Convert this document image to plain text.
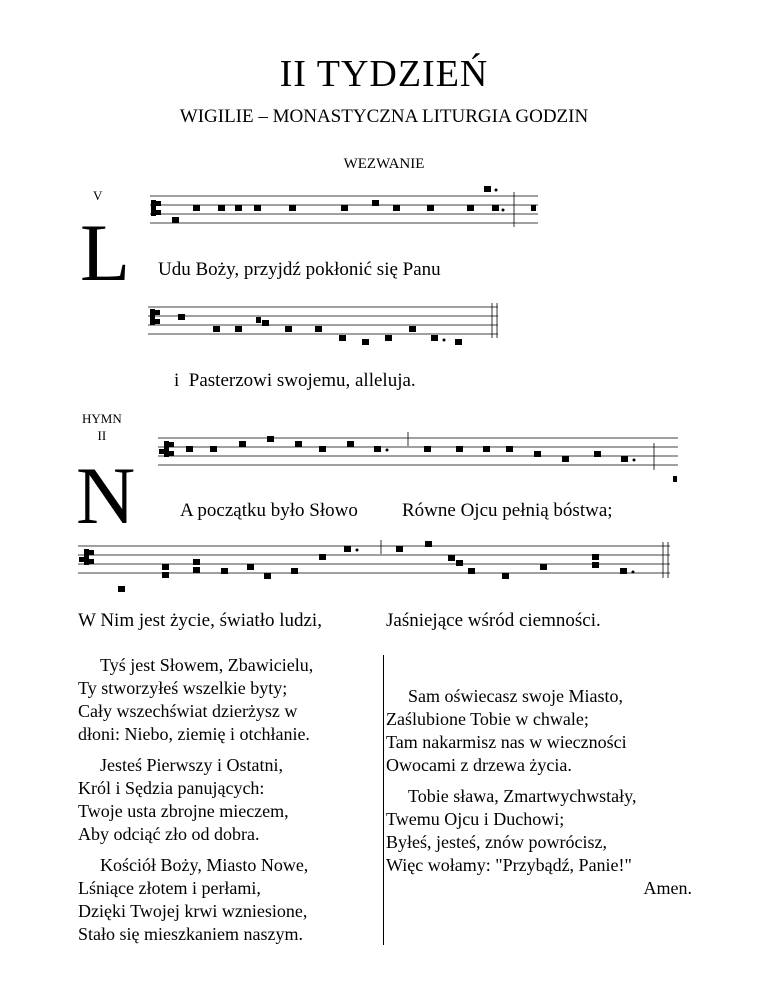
II TYDZIEŃ
WIGILIE – MONASTYCZNA LITURGIA GODZIN
WEZWANIE
V
L Udu Boży, przyjdź pokłonić się Panu
i  Pasterzowi swojemu, alleluja.
HYMN
II
N A początku było Słowo Równe Ojcu pełnią bóstwa;
W Nim jest życie, światło ludzi,	Jaśniejące wśród ciemności.

Tyś jest Słowem, Zbawicielu,

Ty stworzyłeś wszelkie byty;

Cały wszechświat dzierżysz w

dłoni: Niebo, ziemię i otchłanie.

Jesteś Pierwszy i Ostatni,

Król i Sędzia panujących:

Twoje usta zbrojne mieczem,

Aby odciąć zło od dobra.

Kościół Boży, Miasto Nowe,

Lśniące złotem i perłami,

Dzięki Twojej krwi wzniesione,

Stało się mieszkaniem naszym.

Sam oświecasz swoje Miasto,

Zaślubione Tobie w chwale;

Tam nakarmisz nas w wieczności

Owocami z drzewa życia.

Tobie sława, Zmartwychwstały,

Twemu Ojcu i Duchowi;

Byłeś, jesteś, znów powrócisz,

Więc wołamy: "Przybądź, Panie!"

Amen.
